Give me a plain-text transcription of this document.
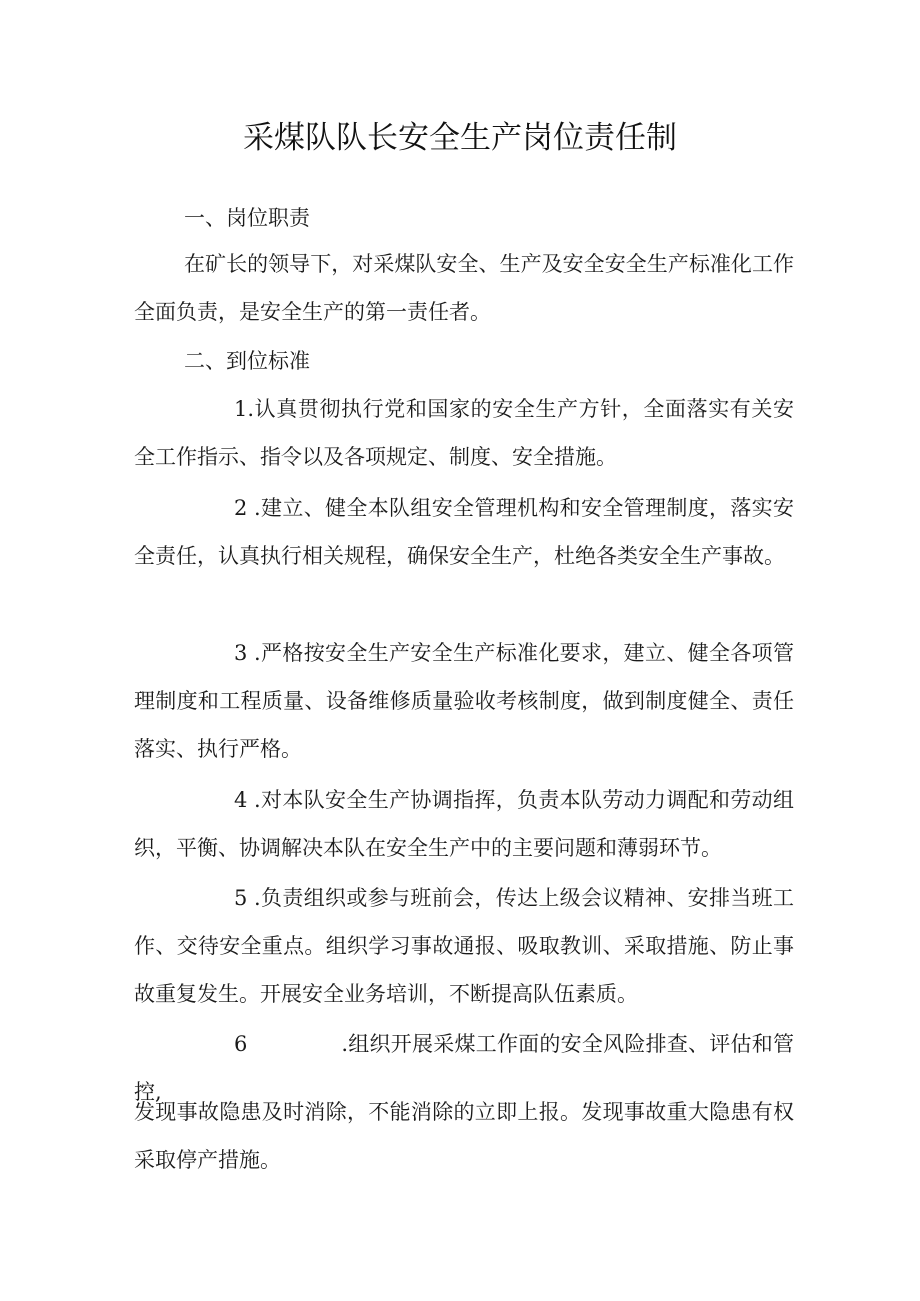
采煤队队长安全生产岗位责任制
一、岗位职责

在矿长的领导下，对采煤队安全、生产及安全安全生产标准化工作全面负责，是安全生产的第一责任者。

二、到位标准

1.认真贯彻执行党和国家的安全生产方针，全面落实有关安全工作指示、指令以及各项规定、制度、安全措施。

2 .建立、健全本队组安全管理机构和安全管理制度，落实安全责任，认真执行相关规程，确保安全生产，杜绝各类安全生产事故。

3 .严格按安全生产安全生产标准化要求，建立、健全各项管理制度和工程质量、设备维修质量验收考核制度，做到制度健全、责任落实、执行严格。

4 .对本队安全生产协调指挥，负责本队劳动力调配和劳动组织，平衡、协调解决本队在安全生产中的主要问题和薄弱环节。

5 .负责组织或参与班前会，传达上级会议精神、安排当班工作、交待安全重点。组织学习事故通报、吸取教训、采取措施、防止事故重复发生。开展安全业务培训，不断提高队伍素质。

6	.组织开展采煤工作面的安全风险排查、评估和管控,

发现事故隐患及时消除，不能消除的立即上报。发现事故重大隐患有权采取停产措施。
